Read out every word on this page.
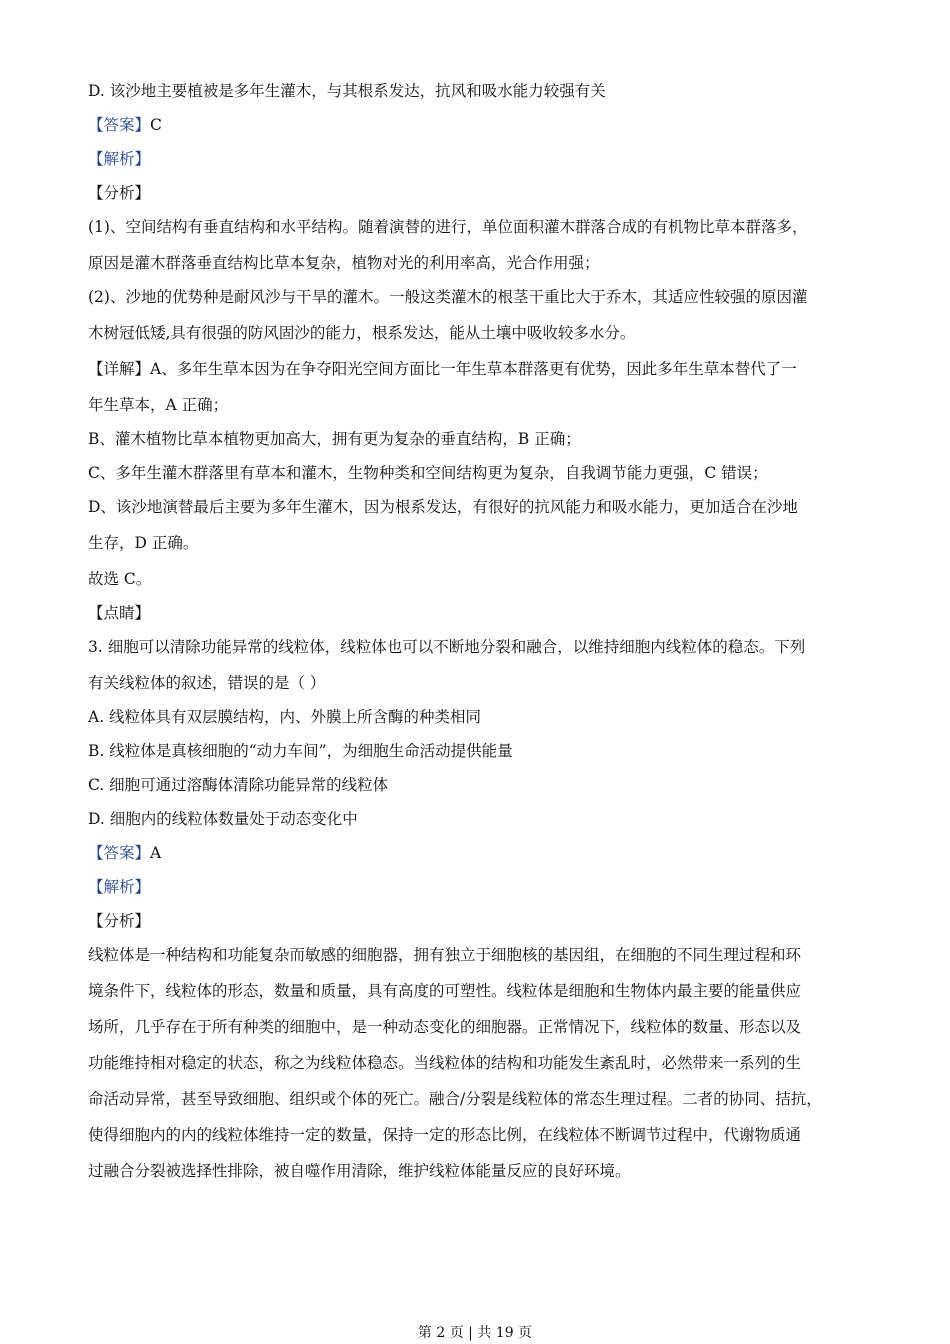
D. 该沙地主要植被是多年生灌木，与其根系发达，抗风和吸水能力较强有关
【答案】C
【解析】
【分析】
(1)、空间结构有垂直结构和水平结构。随着演替的进行，单位面积灌木群落合成的有机物比草本群落多，
原因是灌木群落垂直结构比草本复杂，植物对光的利用率高，光合作用强；
(2)、沙地的优势种是耐风沙与干旱的灌木。一般这类灌木的根茎干重比大于乔木，其适应性较强的原因灌
木树冠低矮,具有很强的防风固沙的能力，根系发达，能从土壤中吸收较多水分。
【详解】A、多年生草本因为在争夺阳光空间方面比一年生草本群落更有优势，因此多年生草本替代了一
年生草本，A 正确；
B、灌木植物比草本植物更加高大，拥有更为复杂的垂直结构，B 正确；
C、多年生灌木群落里有草本和灌木，生物种类和空间结构更为复杂，自我调节能力更强，C 错误；
D、该沙地演替最后主要为多年生灌木，因为根系发达，有很好的抗风能力和吸水能力，更加适合在沙地
生存，D 正确。
故选 C。
【点睛】
3. 细胞可以清除功能异常的线粒体，线粒体也可以不断地分裂和融合，以维持细胞内线粒体的稳态。下列
有关线粒体的叙述，错误的是（ ）
A. 线粒体具有双层膜结构，内、外膜上所含酶的种类相同
B. 线粒体是真核细胞的“动力车间”，为细胞生命活动提供能量
C. 细胞可通过溶酶体清除功能异常的线粒体
D. 细胞内的线粒体数量处于动态变化中
【答案】A
【解析】
【分析】
线粒体是一种结构和功能复杂而敏感的细胞器，拥有独立于细胞核的基因组，在细胞的不同生理过程和环
境条件下，线粒体的形态，数量和质量，具有高度的可塑性。线粒体是细胞和生物体内最主要的能量供应
场所，几乎存在于所有种类的细胞中，是一种动态变化的细胞器。正常情况下，线粒体的数量、形态以及
功能维持相对稳定的状态，称之为线粒体稳态。当线粒体的结构和功能发生紊乱时，必然带来一系列的生
命活动异常，甚至导致细胞、组织或个体的死亡。融合/分裂是线粒体的常态生理过程。二者的协同、拮抗，
使得细胞内的内的线粒体维持一定的数量，保持一定的形态比例，在线粒体不断调节过程中，代谢物质通
过融合分裂被选择性排除，被自噬作用清除，维护线粒体能量反应的良好环境。
第 2 页 | 共 19 页
